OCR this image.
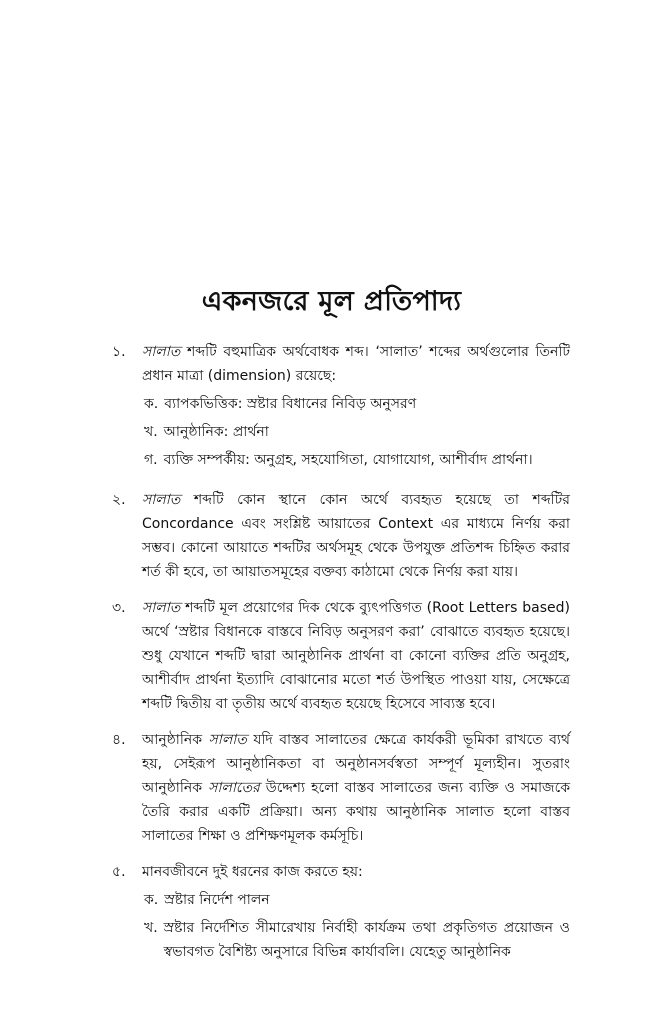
একনজরে মূল প্রতিপাদ্য
১.	সালাত শব্দটি বহুমাত্রিক অর্থবোধক শব্দ। ‘সালাত’ শব্দের অর্থগুলোর তিনটি প্রধান মাত্রা (dimension) রয়েছে:

ক. ব্যাপকভিত্তিক: স্রষ্টার বিধানের নিবিড় অনুসরণ
খ. আনুষ্ঠানিক: প্রার্থনা
গ. ব্যক্তি সম্পর্কীয়: অনুগ্রহ, সহযোগিতা, যোগাযোগ, আশীর্বাদ প্রার্থনা।
২.	সালাত শব্দটি কোন স্থানে কোন অর্থে ব্যবহৃত হয়েছে তা শব্দটির Concordance এবং সংশ্লিষ্ট আয়াতের Context এর মাধ্যমে নির্ণয় করা সম্ভব। কোনো আয়াতে শব্দটির অর্থসমূহ থেকে উপযুক্ত প্রতিশব্দ চিহ্নিত করার শর্ত কী হবে, তা আয়াতসমূহের বক্তব্য কাঠামো থেকে নির্ণয় করা যায়।

৩.	সালাত শব্দটি মূল প্রয়োগের দিক থেকে ব্যুৎপত্তিগত (Root Letters based) অর্থে ‘স্রষ্টার বিধানকে বাস্তবে নিবিড় অনুসরণ করা’ বোঝাতে ব্যবহৃত হয়েছে। শুধু যেখানে শব্দটি দ্বারা আনুষ্ঠানিক প্রার্থনা বা কোনো ব্যক্তির প্রতি অনুগ্রহ, আশীর্বাদ প্রার্থনা ইত্যাদি বোঝানোর মতো শর্ত উপস্থিত পাওয়া যায়, সেক্ষেত্রে শব্দটি দ্বিতীয় বা তৃতীয় অর্থে ব্যবহৃত হয়েছে হিসেবে সাব্যস্ত হবে।

৪.	আনুষ্ঠানিক সালাত যদি বাস্তব সালাতের ক্ষেত্রে কার্যকরী ভূমিকা রাখতে ব্যর্থ হয়, সেইরূপ আনুষ্ঠানিকতা বা অনুষ্ঠানসর্বস্বতা সম্পূর্ণ মূল্যহীন। সুতরাং আনুষ্ঠানিক সালাতের উদ্দেশ্য হলো বাস্তব সালাতের জন্য ব্যক্তি ও সমাজকে তৈরি করার একটি প্রক্রিয়া। অন্য কথায় আনুষ্ঠানিক সালাত হলো বাস্তব সালাতের শিক্ষা ও প্রশিক্ষণমূলক কর্মসূচি।

৫.	মানবজীবনে দুই ধরনের কাজ করতে হয়:

ক. স্রষ্টার নির্দেশ পালন
খ. স্রষ্টার নির্দেশিত সীমারেখায় নির্বাহী কার্যক্রম তথা প্রকৃতিগত প্রয়োজন ও স্বভাবগত বৈশিষ্ট্য অনুসারে বিভিন্ন কার্যাবলি। যেহেতু আনুষ্ঠানিক
